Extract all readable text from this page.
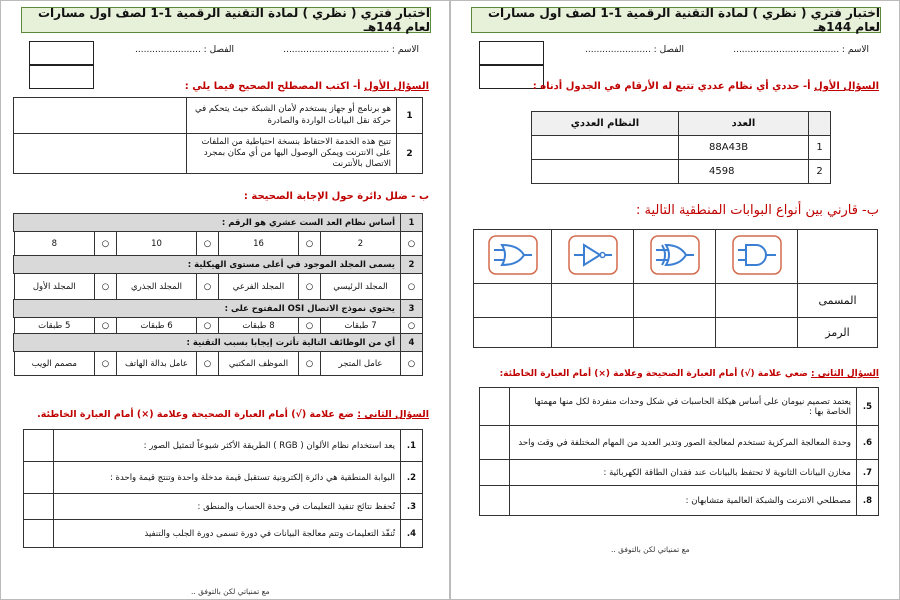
اختبار فتري ( نظري ) لمادة التقنية الرقمية 1-1 لصف اول مسارات لعام 144هـ
الاسم : .....................................
الفصل : .......................
السؤال الأول أ- اكتب المصطلح الصحيح فيما يلي :
1	هو برنامج أو جهاز يستخدم لأمان الشبكة حيث يتحكم في حركة نقل البيانات الواردة والصادرة	
2	تتيح هذه الخدمة الاحتفاظ بنسخة احتياطية من الملفات على الانترنت ويمكن الوصول اليها من أي مكان بمجرد الاتصال بالأنترنت	
ب - ضلل دائرة حول الإجابة الصحيحة :
1	أساس نظام العد الست عشري هو الرقم :							
○	2	○	16	○	10	○	8	
2	يسمى المجلد الموجود في أعلى مستوى الهيكلية :							
○	المجلد الرئيسي	○	المجلد الفرعي	○	المجلد الجذري	○	المجلد الأول	
3	يحتوي نموذج الاتصال OSI المفتوح على :							
○	7 طبقات	○	8 طبقات	○	6 طبقات	○	5 طبقات	
4	أي من الوظائف التالية تأثرت إيجابا بسبب التقنية :							
○	عامل المتجر	○	الموظف المكتبي	○	عامل بدالة الهاتف	○	مصمم الويب	
السؤال الثاني : ضع علامة (√) أمام العبارة الصحيحة وعلامة (×) أمام العبارة الخاطئة.
1.	يعد استخدام نظام الألوان ( RGB ) الطريقة الأكثر شيوعاً لتمثيل الصور :	
2.	البوابة المنطقية هي دائرة إلكترونية تستقبل قيمة مدخلة واحدة وتنتج قيمة واحدة :	
3.	تُحفظ نتائج تنفيذ التعليمات في وحدة الحساب والمنطق :	
4.	تُنفّذ التعليمات وتتم معالجة البيانات في دورة تسمى دورة الجلب والتنفيذ	
مع تمنياتي لكن بالتوفق ..
اختبار فتري ( نظري ) لمادة التقنية الرقمية 1-1 لصف اول مسارات لعام 144هـ
الاسم : .....................................
الفصل : .......................
السؤال الأول أ- حددي أي نظام عددي تتبع له الأرقام في الجدول أدناه :
	العدد	النظام العددي
1	88A43B	
2	4598	
ب- قارني بين أنواع البوابات المنطقية التالية :

المسمى				
الرمز				
السؤال الثاني : ضعي علامة (√) أمام العبارة الصحيحة وعلامة (×) أمام العبارة الخاطئة:
5.	يعتمد تصميم نيومان على أساس هيكلة الحاسبات في شكل وحدات منفردة لكل منها مهمتها الخاصة بها :	
6.	وحدة المعالجة المركزية تستخدم لمعالجة الصور وتدير العديد من المهام المختلفة في وقت واحد	
7.	مخازن البيانات الثانوية لا تحتفظ بالبيانات عند فقدان الطاقة الكهربائية :	
8.	مصطلحي الانترنت والشبكة العالمية متشابهان :	
مع تمنياتي لكن بالتوفق ..
